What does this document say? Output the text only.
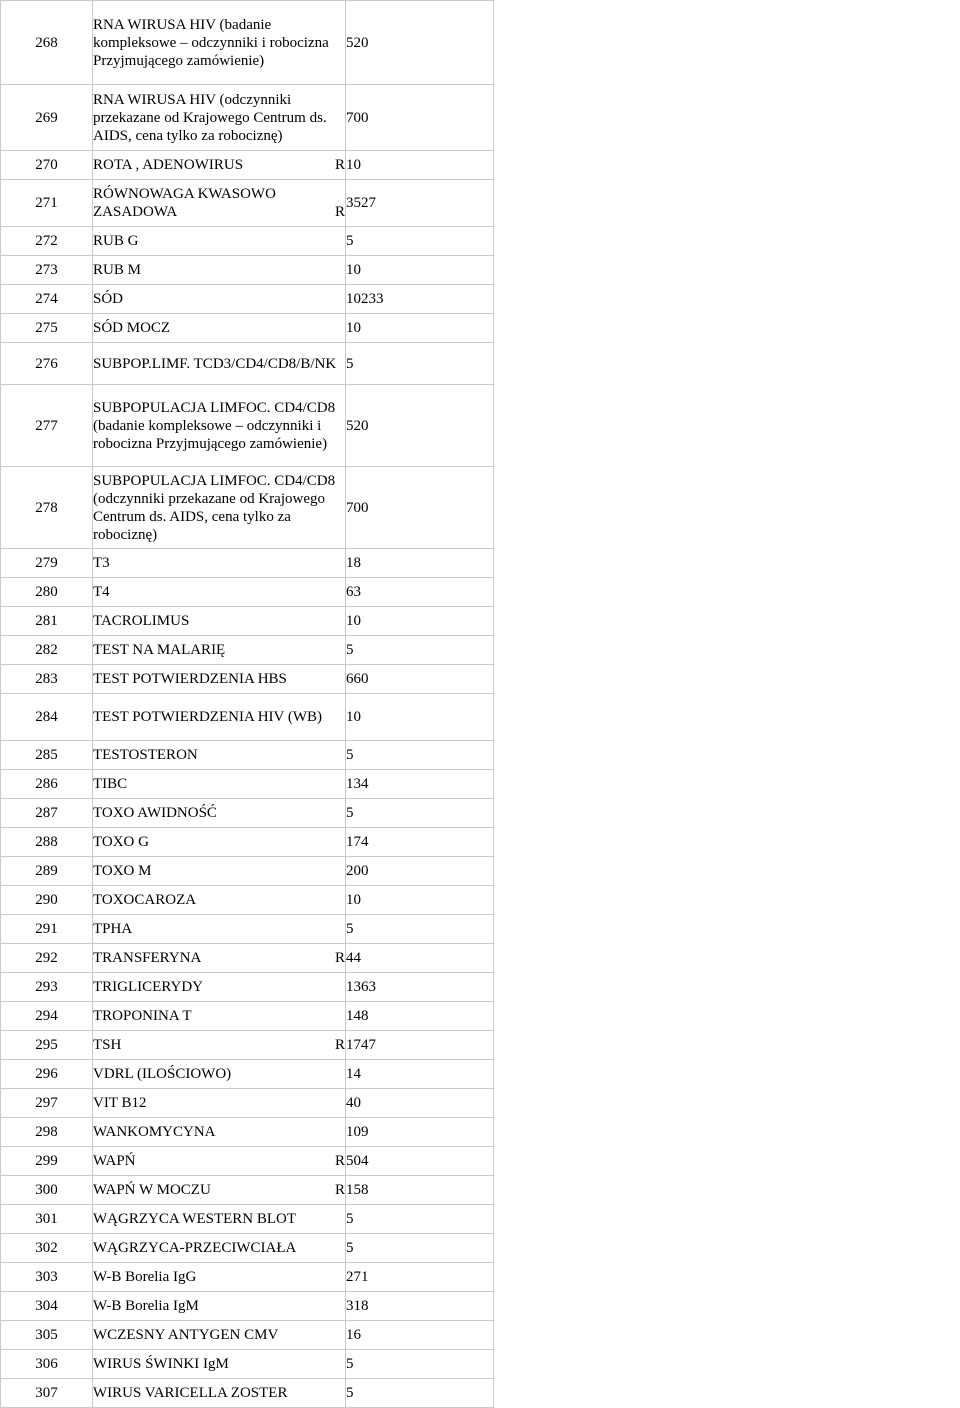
268	RNA WIRUSA HIV (badanie kompleksowe – odczynniki i robocizna Przyjmującego zamówienie)	520	
269	RNA WIRUSA HIV (odczynniki przekazane od Krajowego Centrum ds. AIDS, cena tylko za robociznę)	700	
270	ROTA , ADENOWIRUS R	10	
271	RÓWNOWAGA KWASOWO ZASADOWA R	3527	
272	RUB G	5	
273	RUB M	10	
274	SÓD	10233	
275	SÓD MOCZ	10	
276	SUBPOP.LIMF. TCD3/CD4/CD8/B/NK	5	
277	SUBPOPULACJA LIMFOC. CD4/CD8 (badanie kompleksowe – odczynniki i robocizna Przyjmującego zamówienie)	520	
278	SUBPOPULACJA LIMFOC. CD4/CD8 (odczynniki przekazane od Krajowego Centrum ds. AIDS, cena tylko za robociznę)	700	
279	T3	18	
280	T4	63	
281	TACROLIMUS	10	
282	TEST NA MALARIĘ	5	
283	TEST POTWIERDZENIA HBS	660	
284	TEST POTWIERDZENIA HIV (WB)	10	
285	TESTOSTERON	5	
286	TIBC	134	
287	TOXO AWIDNOŚĆ	5	
288	TOXO G	174	
289	TOXO M	200	
290	TOXOCAROZA	10	
291	TPHA	5	
292	TRANSFERYNA R	44	
293	TRIGLICERYDY	1363	
294	TROPONINA T	148	
295	TSH R	1747	
296	VDRL (ILOŚCIOWO)	14	
297	VIT B12	40	
298	WANKOMYCYNA	109	
299	WAPŃ R	504	
300	WAPŃ W MOCZU R	158	
301	WĄGRZYCA WESTERN BLOT	5	
302	WĄGRZYCA-PRZECIWCIAŁA	5	
303	W-B Borelia IgG	271	
304	W-B Borelia IgM	318	
305	WCZESNY ANTYGEN CMV	16	
306	WIRUS ŚWINKI IgM	5	
307	WIRUS VARICELLA ZOSTER	5	
